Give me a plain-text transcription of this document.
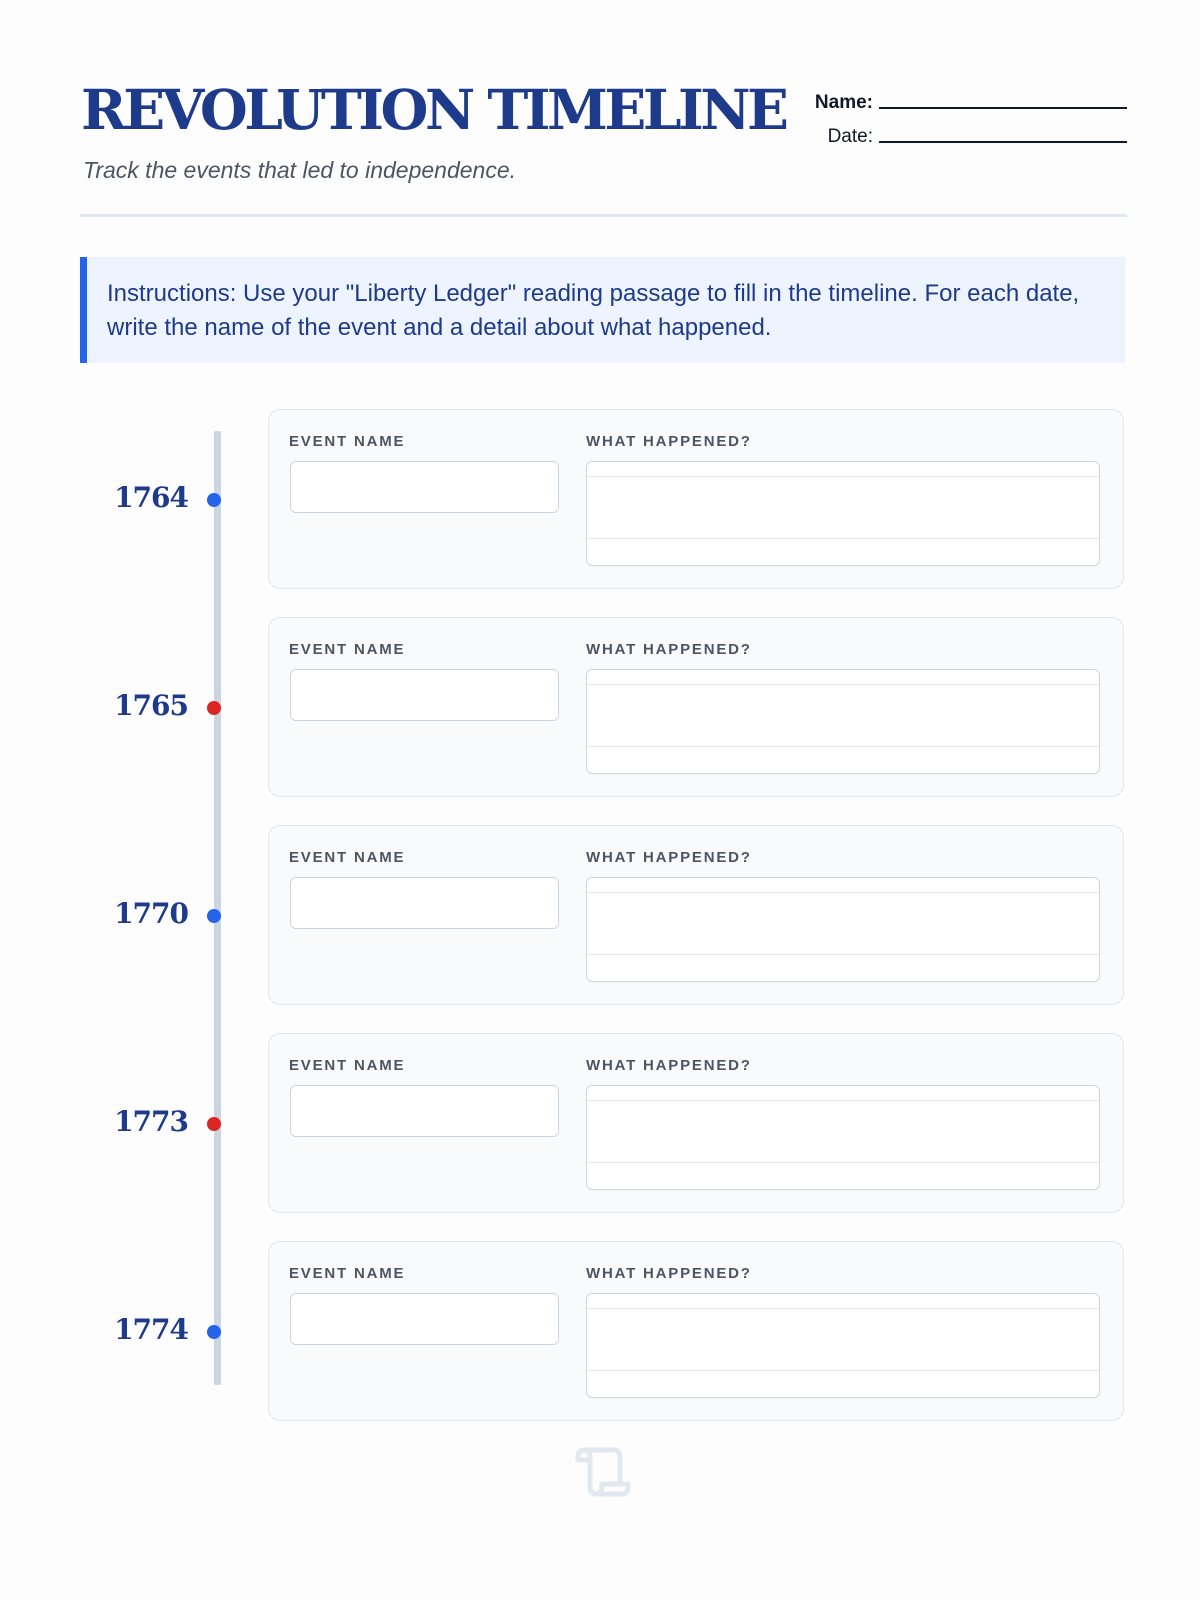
REVOLUTION TIMELINE
Track the events that led to independence.
Name:
Date:
Instructions: Use your "Liberty Ledger" reading passage to fill in the timeline. For each date, write the name of the event and a detail about what happened.
1764
EVENT NAME	WHAT HAPPENED?
1765
EVENT NAME	WHAT HAPPENED?
1770
EVENT NAME	WHAT HAPPENED?
1773
EVENT NAME	WHAT HAPPENED?
1774
EVENT NAME	WHAT HAPPENED?
